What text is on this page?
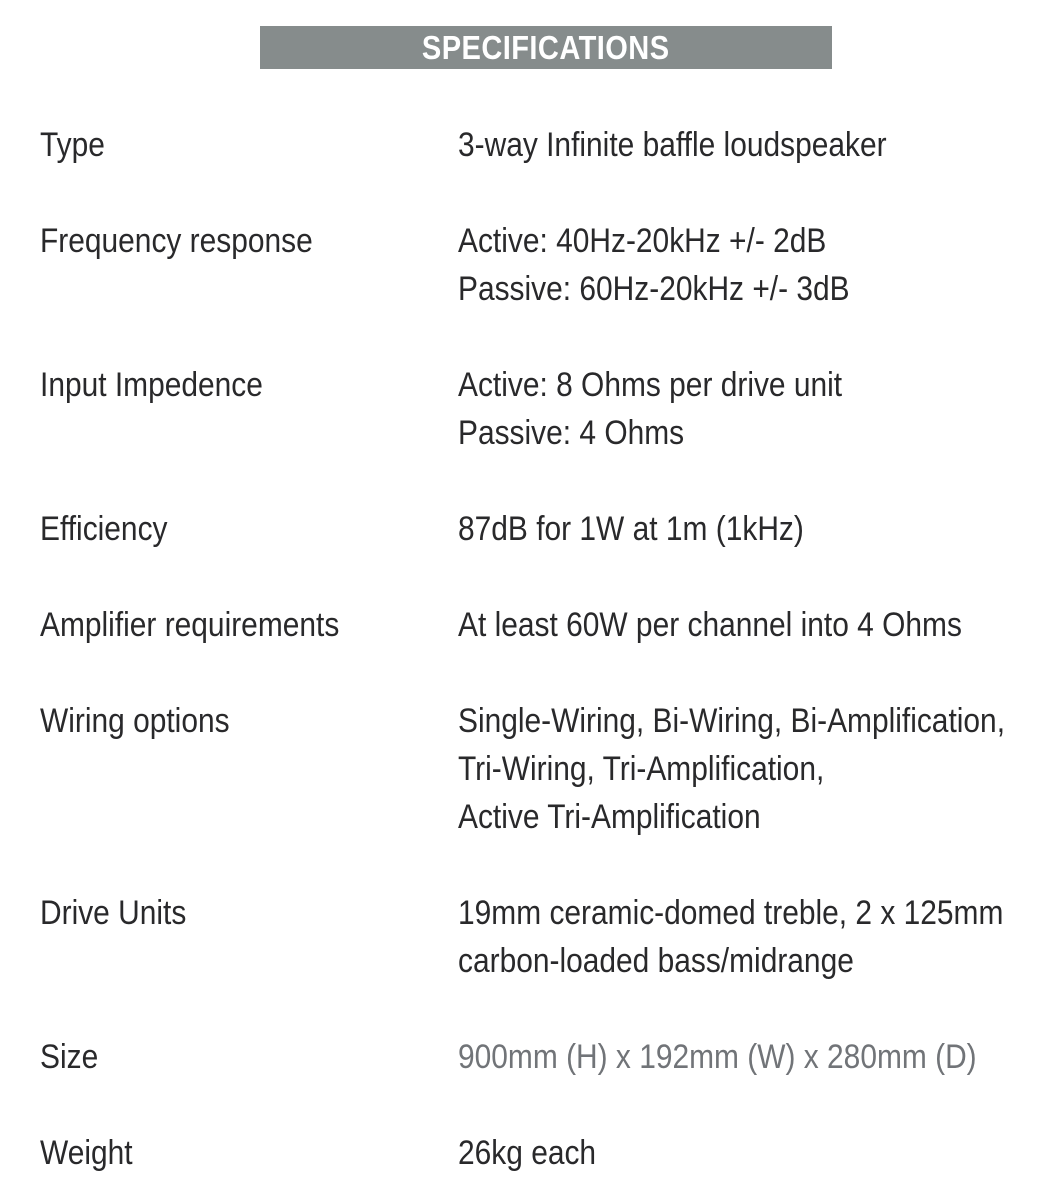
SPECIFICATIONS
Type	3-way Infinite baffle loudspeaker
Frequency response	Active: 40Hz-20kHz +/- 2dB
Passive: 60Hz-20kHz +/- 3dB
Input Impedence	Active: 8 Ohms per drive unit
Passive: 4 Ohms
Efficiency	87dB for 1W at 1m (1kHz)
Amplifier requirements	At least 60W per channel into 4 Ohms
Wiring options	Single-Wiring, Bi-Wiring, Bi-Amplification,
Tri-Wiring, Tri-Amplification,
Active Tri-Amplification
Drive Units	19mm ceramic-domed treble, 2 x 125mm
carbon-loaded bass/midrange
Size	900mm (H) x 192mm (W) x 280mm (D)
Weight	26kg each
